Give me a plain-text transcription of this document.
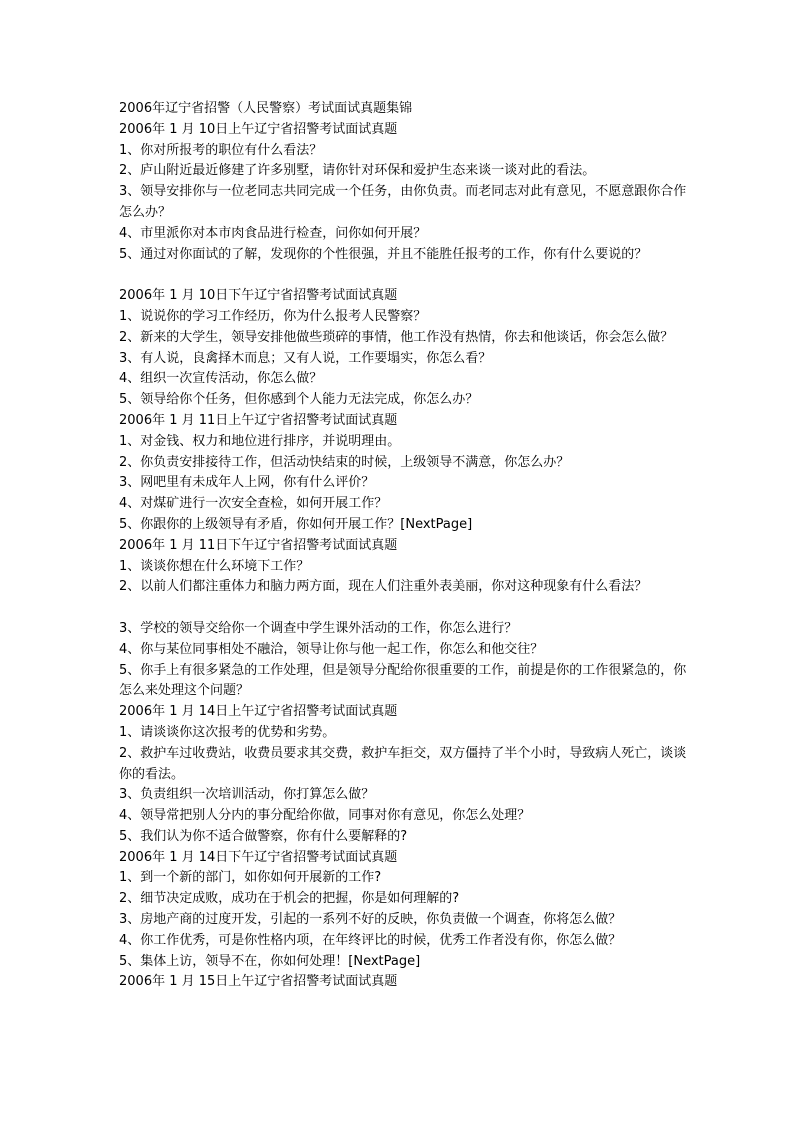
2006年辽宁省招警（人民警察）考试面试真题集锦
2006年 1 月 10日上午辽宁省招警考试面试真题
1、你对所报考的职位有什么看法？
2、庐山附近最近修建了许多别墅，请你针对环保和爱护生态来谈一谈对此的看法。
3、领导安排你与一位老同志共同完成一个任务，由你负责。而老同志对此有意见，不愿意跟你合作怎么办？
4、市里派你对本市肉食品进行检查，问你如何开展？
5、通过对你面试的了解，发现你的个性很强，并且不能胜任报考的工作，你有什么要说的？
2006年 1 月 10日下午辽宁省招警考试面试真题
1、说说你的学习工作经历，你为什么报考人民警察？
2、新来的大学生，领导安排他做些琐碎的事情，他工作没有热情，你去和他谈话，你会怎么做？
3、有人说，良禽择木而息；又有人说，工作要塌实，你怎么看？
4、组织一次宣传活动，你怎么做？
5、领导给你个任务，但你感到个人能力无法完成，你怎么办？
2006年 1 月 11日上午辽宁省招警考试面试真题
1、对金钱、权力和地位进行排序，并说明理由。
2、你负责安排接待工作，但活动快结束的时候，上级领导不满意，你怎么办？
3、网吧里有未成年人上网，你有什么评价？
4、对煤矿进行一次安全查检，如何开展工作？
5、你跟你的上级领导有矛盾，你如何开展工作？[NextPage]
2006年 1 月 11日下午辽宁省招警考试面试真题
1、谈谈你想在什么环境下工作？
2、以前人们都注重体力和脑力两方面，现在人们注重外表美丽，你对这种现象有什么看法？
3、学校的领导交给你一个调查中学生课外活动的工作，你怎么进行？
4、你与某位同事相处不融洽，领导让你与他一起工作，你怎么和他交往？
5、你手上有很多紧急的工作处理，但是领导分配给你很重要的工作，前提是你的工作很紧急的，你怎么来处理这个问题？
2006年 1 月 14日上午辽宁省招警考试面试真题
1、请谈谈你这次报考的优势和劣势。
2、救护车过收费站，收费员要求其交费，救护车拒交，双方僵持了半个小时，导致病人死亡，谈谈你的看法。
3、负责组织一次培训活动，你打算怎么做？
4、领导常把别人分内的事分配给你做，同事对你有意见，你怎么处理？
5、我们认为你不适合做警察，你有什么要解释的?
2006年 1 月 14日下午辽宁省招警考试面试真题
1、到一个新的部门，如你如何开展新的工作?
2、细节决定成败，成功在于机会的把握，你是如何理解的?
3、房地产商的过度开发，引起的一系列不好的反映，你负责做一个调查，你将怎么做？
4、你工作优秀，可是你性格内项，在年终评比的时候，优秀工作者没有你，你怎么做？
5、集体上访，领导不在，你如何处理！[NextPage]
2006年 1 月 15日上午辽宁省招警考试面试真题
